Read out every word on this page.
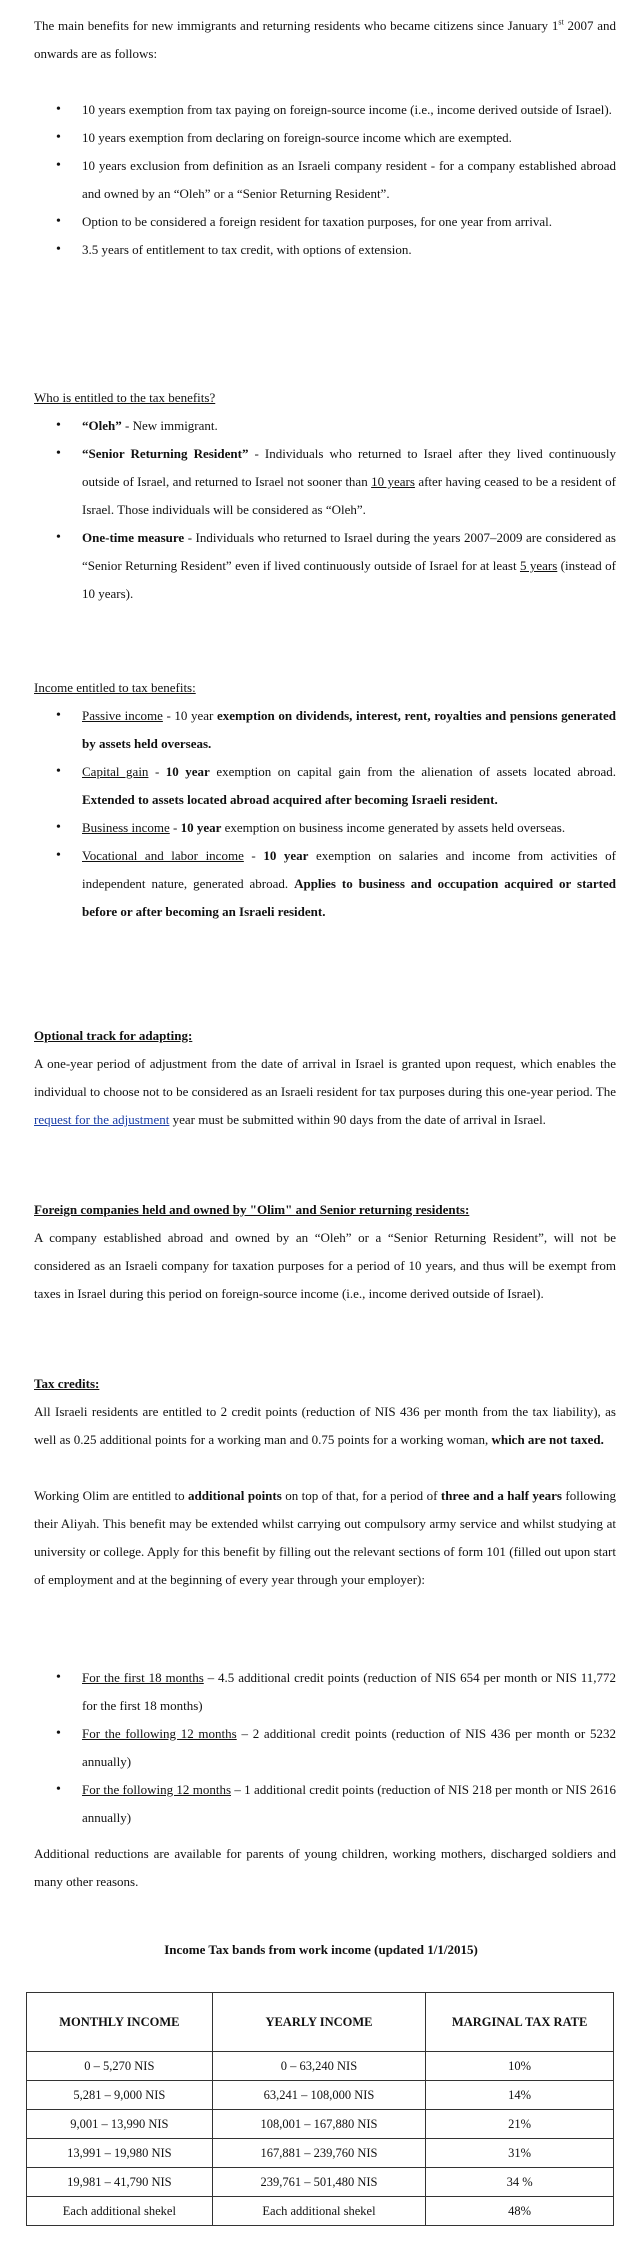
The main benefits for new immigrants and returning residents who became citizens since January 1st 2007 and onwards are as follows:

• 10 years exemption from tax paying on foreign-source income (i.e., income derived outside of Israel).
• 10 years exemption from declaring on foreign-source income which are exempted.
• 10 years exclusion from definition as an Israeli company resident - for a company established abroad and owned by an “Oleh” or a “Senior Returning Resident”.
• Option to be considered a foreign resident for taxation purposes, for one year from arrival.
• 3.5 years of entitlement to tax credit, with options of extension.
Who is entitled to the tax benefits?
• “Oleh” - New immigrant.
• “Senior Returning Resident” - Individuals who returned to Israel after they lived continuously outside of Israel, and returned to Israel not sooner than 10 years after having ceased to be a resident of Israel. Those individuals will be considered as “Oleh”.
• One-time measure - Individuals who returned to Israel during the years 2007–2009 are considered as “Senior Returning Resident” even if lived continuously outside of Israel for at least 5 years (instead of 10 years).
Income entitled to tax benefits:
• Passive income - 10 year exemption on dividends, interest, rent, royalties and pensions generated by assets held overseas.
• Capital gain - 10 year exemption on capital gain from the alienation of assets located abroad. Extended to assets located abroad acquired after becoming Israeli resident.
• Business income - 10 year exemption on business income generated by assets held overseas.
• Vocational and labor income - 10 year exemption on salaries and income from activities of independent nature, generated abroad. Applies to business and occupation acquired or started before or after becoming an Israeli resident.
Optional track for adapting:

A one-year period of adjustment from the date of arrival in Israel is granted upon request, which enables the individual to choose not to be considered as an Israeli resident for tax purposes during this one-year period. The request for the adjustment year must be submitted within 90 days from the date of arrival in Israel.

Foreign companies held and owned by "Olim" and Senior returning residents:

A company established abroad and owned by an “Oleh” or a “Senior Returning Resident”, will not be considered as an Israeli company for taxation purposes for a period of 10 years, and thus will be exempt from taxes in Israel during this period on foreign-source income (i.e., income derived outside of Israel).

Tax credits:

All Israeli residents are entitled to 2 credit points (reduction of NIS 436 per month from the tax liability), as well as 0.25 additional points for a working man and 0.75 points for a working woman, which are not taxed.

Working Olim are entitled to additional points on top of that, for a period of three and a half years following their Aliyah. This benefit may be extended whilst carrying out compulsory army service and whilst studying at university or college. Apply for this benefit by filling out the relevant sections of form 101 (filled out upon start of employment and at the beginning of every year through your employer):

• For the first 18 months – 4.5 additional credit points (reduction of NIS 654 per month or NIS 11,772 for the first 18 months)
• For the following 12 months – 2 additional credit points (reduction of NIS 436 per month or 5232 annually)
• For the following 12 months – 1 additional credit points (reduction of NIS 218 per month or NIS 2616 annually)

Additional reductions are available for parents of young children, working mothers, discharged soldiers and many other reasons.

Income Tax bands from work income (updated 1/1/2015)
MONTHLY INCOME	YEARLY INCOME	MARGINAL TAX RATE
0 – 5,270 NIS	0 – 63,240 NIS	10%
5,281 – 9,000 NIS	63,241 – 108,000 NIS	14%
9,001 – 13,990 NIS	108,001 – 167,880 NIS	21%
13,991 – 19,980 NIS	167,881 – 239,760 NIS	31%
19,981 – 41,790 NIS	239,761 – 501,480 NIS	34 %
Each additional shekel	Each additional shekel	48%
